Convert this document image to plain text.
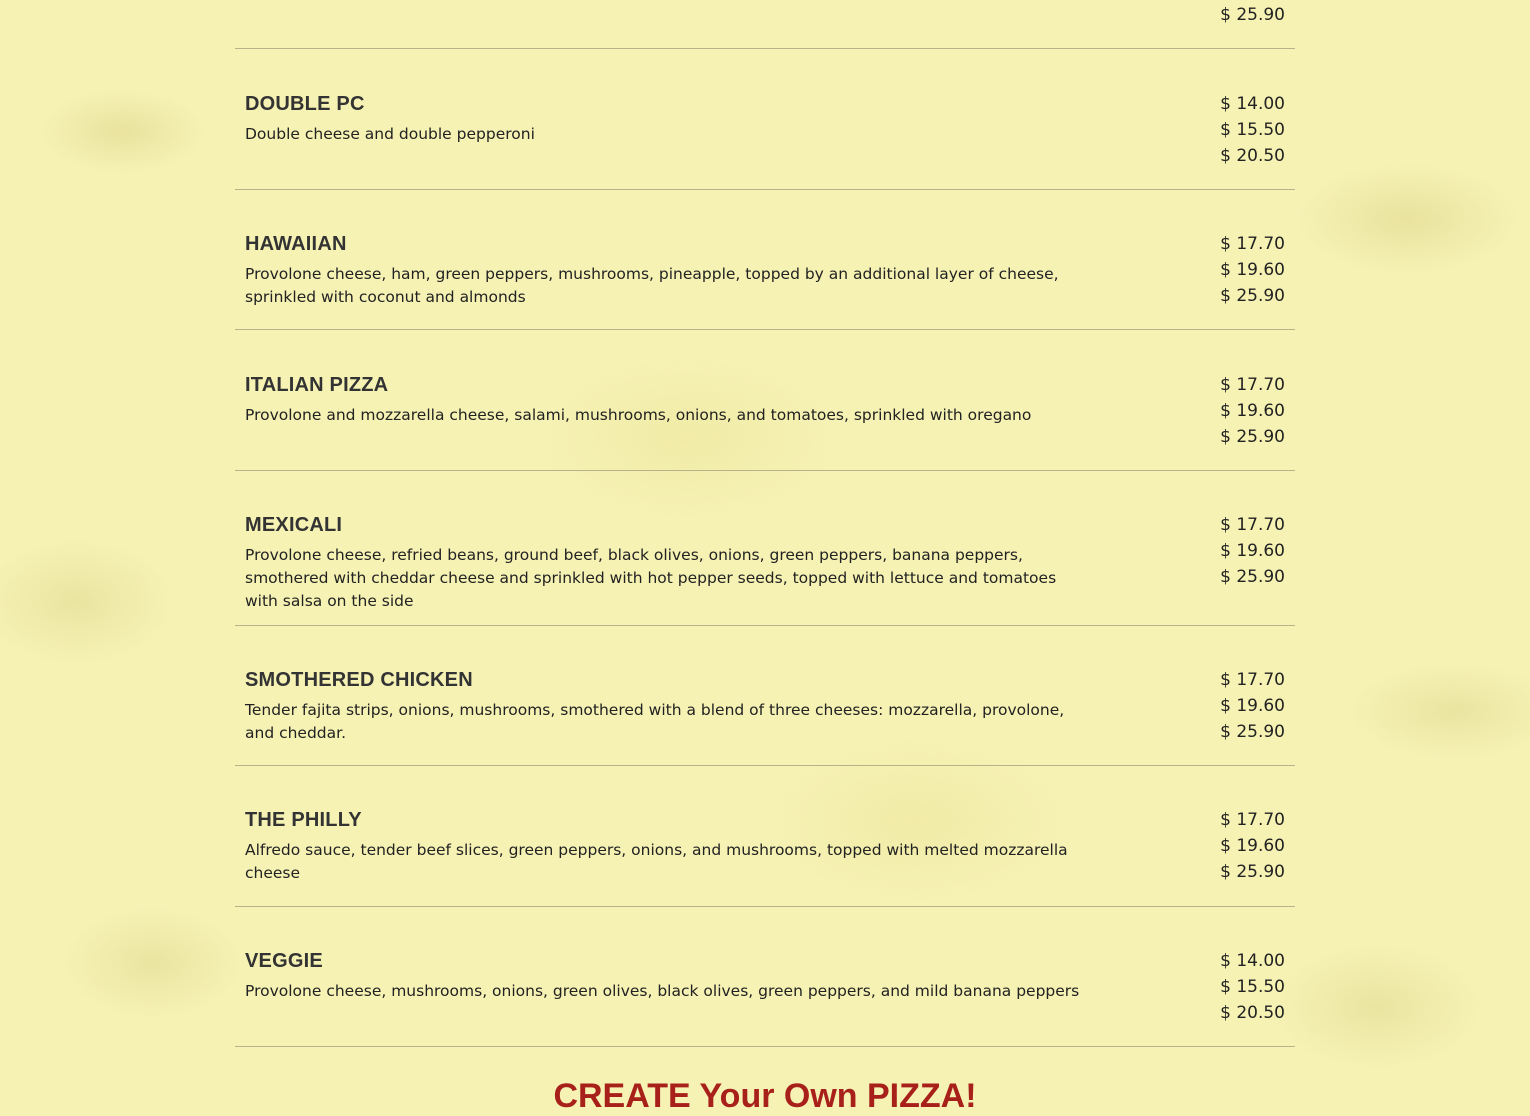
$ 25.90
DOUBLE PC

Double cheese and double pepperoni

$ 14.00
$ 15.50
$ 20.50
HAWAIIAN

Provolone cheese, ham, green peppers, mushrooms, pineapple, topped by an additional layer of cheese, sprinkled with coconut and almonds

$ 17.70
$ 19.60
$ 25.90
ITALIAN PIZZA

Provolone and mozzarella cheese, salami, mushrooms, onions, and tomatoes, sprinkled with oregano

$ 17.70
$ 19.60
$ 25.90
MEXICALI

Provolone cheese, refried beans, ground beef, black olives, onions, green peppers, banana peppers, smothered with cheddar cheese and sprinkled with hot pepper seeds, topped with lettuce and tomatoes with salsa on the side

$ 17.70
$ 19.60
$ 25.90
SMOTHERED CHICKEN

Tender fajita strips, onions, mushrooms, smothered with a blend of three cheeses: mozzarella, provolone, and cheddar.

$ 17.70
$ 19.60
$ 25.90
THE PHILLY

Alfredo sauce, tender beef slices, green peppers, onions, and mushrooms, topped with melted mozzarella cheese

$ 17.70
$ 19.60
$ 25.90
VEGGIE

Provolone cheese, mushrooms, onions, green olives, black olives, green peppers, and mild banana peppers

$ 14.00
$ 15.50
$ 20.50
CREATE Your Own PIZZA!
